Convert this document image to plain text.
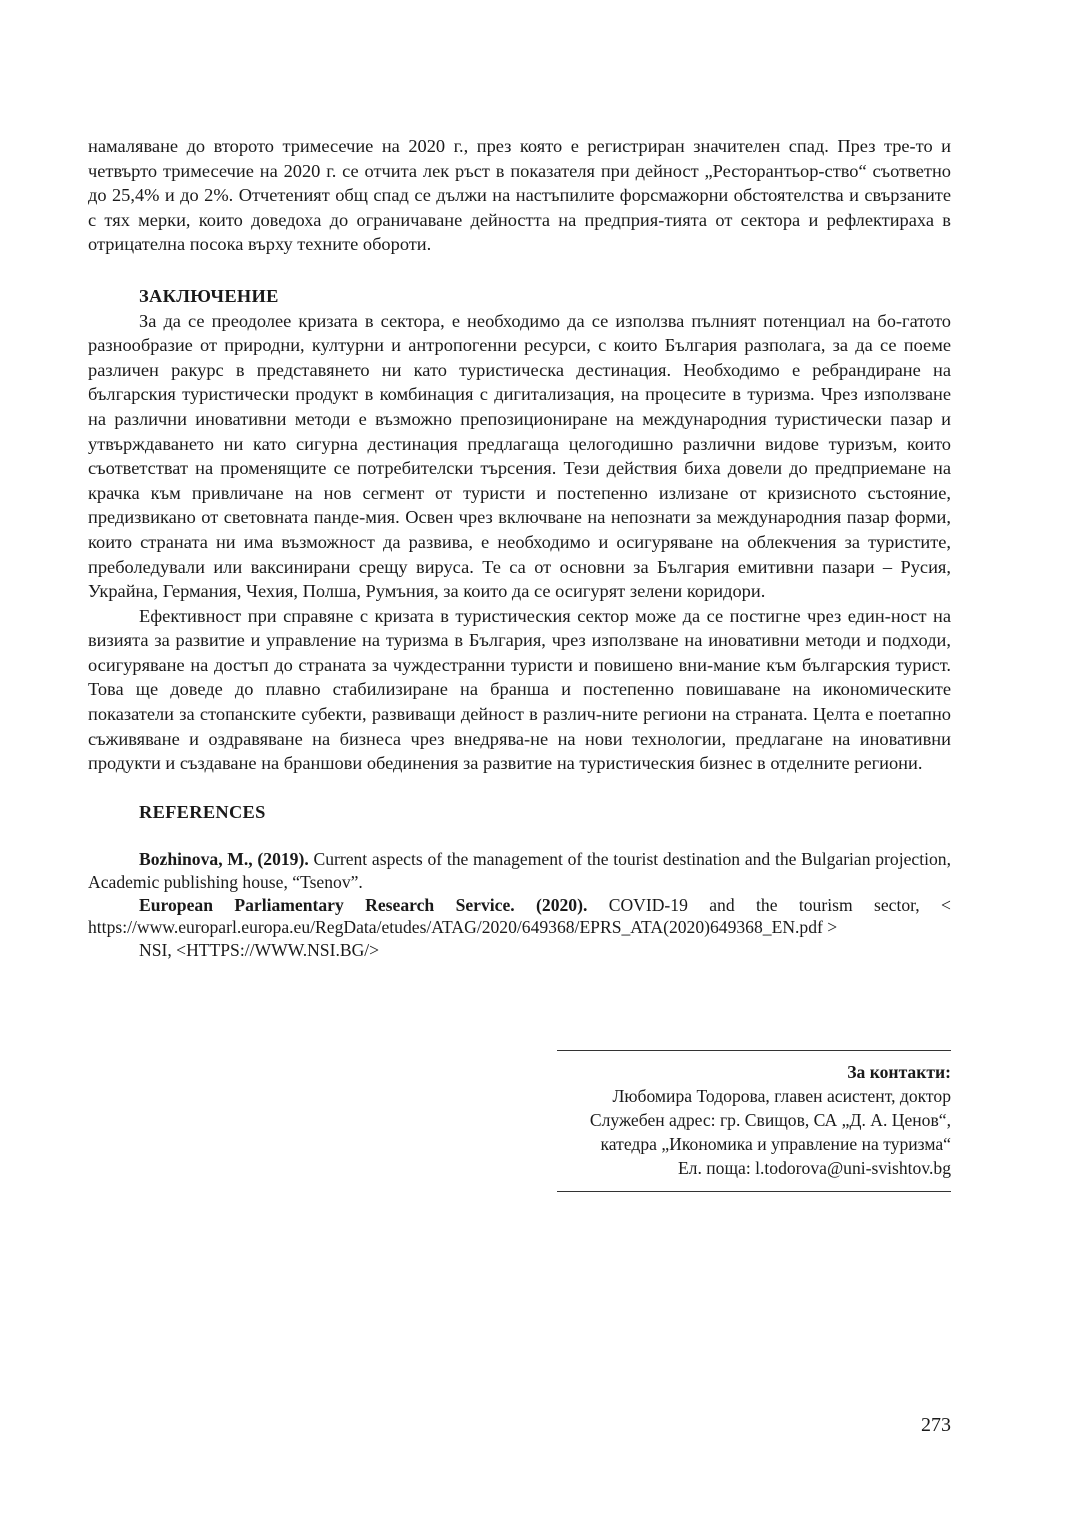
намаляване до второто тримесечие на 2020 г., през която е регистриран значителен спад. През тре-то и четвърто тримесечие на 2020 г. се отчита лек ръст в показателя при дейност „Ресторантьор-ство“ съответно до 25,4% и до 2%. Отчетеният общ спад се дължи на настъпилите форсмажорни обстоятелства и свързаните с тях мерки, които доведоха до ограничаване дейността на предприя-тията от сектора и рефлектираха в отрицателна посока върху техните обороти.

ЗАКЛЮЧЕНИЕ

За да се преодолее кризата в сектора, е необходимо да се използва пълният потенциал на бо-гатото разнообразие от природни, културни и антропогенни ресурси, с които България разполага, за да се поеме различен ракурс в представянето ни като туристическа дестинация. Необходимо е ребрандиране на българския туристически продукт в комбинация с дигитализация, на процесите в туризма. Чрез използване на различни иновативни методи е възможно препозициониране на международния туристически пазар и утвърждаването ни като сигурна дестинация предлагаща целогодишно различни видове туризъм, които съответстват на променящите се потребителски търсения. Тези действия биха довели до предприемане на крачка към привличане на нов сегмент от туристи и постепенно излизане от кризисното състояние, предизвикано от световната панде-мия. Освен чрез включване на непознати за международния пазар форми, които страната ни има възможност да развива, е необходимо и осигуряване на облекчения за туристите, преболедували или ваксинирани срещу вируса. Те са от основни за България емитивни пазари – Русия, Украйна, Германия, Чехия, Полша, Румъния, за които да се осигурят зелени коридори.

Ефективност при справяне с кризата в туристическия сектор може да се постигне чрез един-ност на визията за развитие и управление на туризма в България, чрез използване на иновативни методи и подходи, осигуряване на достъп до страната за чуждестранни туристи и повишено вни-мание към българския турист. Това ще доведе до плавно стабилизиране на бранша и постепенно повишаване на икономическите показатели за стопанските субекти, развиващи дейност в различ-ните региони на страната. Целта е поетапно съживяване и оздравяване на бизнеса чрез внедрява-не на нови технологии, предлагане на иновативни продукти и създаване на браншови обединения за развитие на туристическия бизнес в отделните региони.

REFERENCES

Bozhinova, M., (2019). Current aspects of the management of the tourist destination and the Bulgarian projection, Academic publishing house, “Tsenov”.

European Parliamentary Research Service. (2020). COVID-19 and the tourism sector, < https://www.europarl.europa.eu/RegData/etudes/ATAG/2020/649368/EPRS_ATA(2020)649368_EN.pdf >

NSI, <HTTPS://WWW.NSI.BG/>

За контакти:
Любомира Тодорова, главен асистент, доктор
Служебен адрес: гр. Свищов, СА „Д. А. Ценов“,
катедра „Икономика и управление на туризма“
Ел. поща: l.todorova@uni-svishtov.bg
273
